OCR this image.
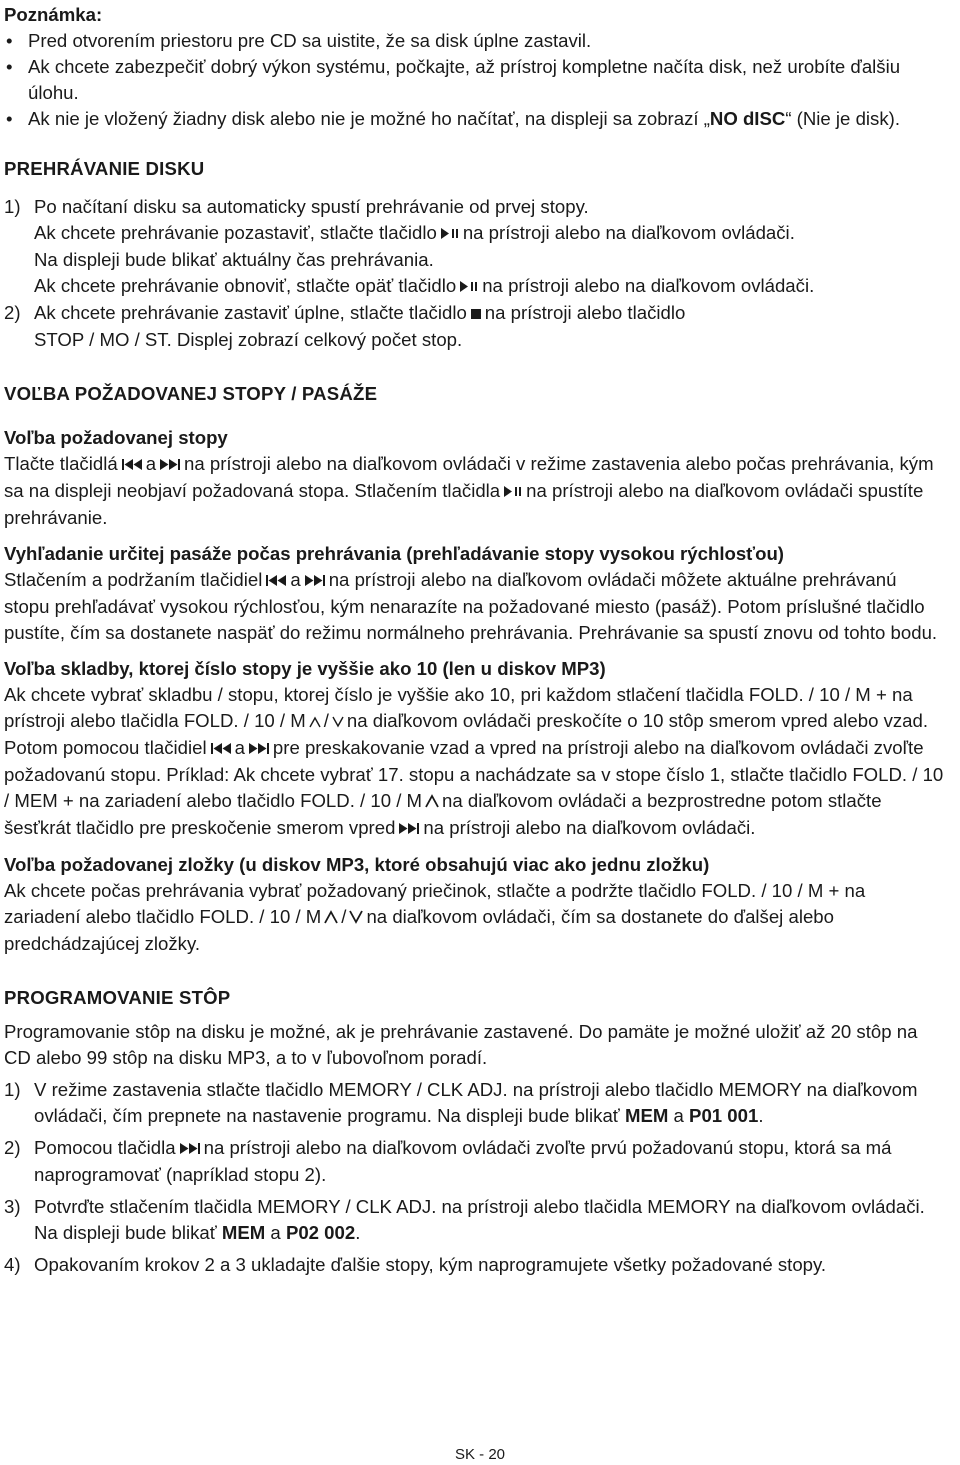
Poznámka:

• Pred otvorením priestoru pre CD sa uistite, že sa disk úplne zastavil.
• Ak chcete zabezpečiť dobrý výkon systému, počkajte, až prístroj kompletne načíta disk, než urobíte ďalšiu úlohu.
• Ak nie je vložený žiadny disk alebo nie je možné ho načítať, na displeji sa zobrazí „NO dISC“ (Nie je disk).

PREHRÁVANIE DISKU

1) Po načítaní disku sa automaticky spustí prehrávanie od prvej stopy.
Ak chcete prehrávanie pozastaviť, stlačte tlačidlo na prístroji alebo na diaľkovom ovládači.
Na displeji bude blikať aktuálny čas prehrávania.
Ak chcete prehrávanie obnoviť, stlačte opäť tlačidlo na prístroji alebo na diaľkovom ovládači.
2) Ak chcete prehrávanie zastaviť úplne, stlačte tlačidlo na prístroji alebo tlačidlo
STOP / MO / ST. Displej zobrazí celkový počet stop.

VOĽBA POŽADOVANEJ STOPY / PASÁŽE

Voľba požadovanej stopy

Tlačte tlačidlá a na prístroji alebo na diaľkovom ovládači v režime zastavenia alebo počas prehrávania, kým sa na displeji neobjaví požadovaná stopa. Stlačením tlačidla na prístroji alebo na diaľkovom ovládači spustíte prehrávanie.

Vyhľadanie určitej pasáže počas prehrávania (prehľadávanie stopy vysokou rýchlosťou)

Stlačením a podržaním tlačidiel a na prístroji alebo na diaľkovom ovládači môžete aktuálne prehrávanú stopu prehľadávať vysokou rýchlosťou, kým nenarazíte na požadované miesto (pasáž). Potom príslušné tlačidlo pustíte, čím sa dostanete naspäť do režimu normálneho prehrávania. Prehrávanie sa spustí znovu od tohto bodu.

Voľba skladby, ktorej číslo stopy je vyššie ako 10 (len u diskov MP3)

Ak chcete vybrať skladbu / stopu, ktorej číslo je vyššie ako 10, pri každom stlačení tlačidla FOLD. / 10 / M + na prístroji alebo tlačidla FOLD. / 10 / M / na diaľkovom ovládači preskočíte o 10 stôp smerom vpred alebo vzad. Potom pomocou tlačidiel a pre preskakovanie vzad a vpred na prístroji alebo na diaľkovom ovládači zvoľte požadovanú stopu. Príklad: Ak chcete vybrať 17. stopu a nachádzate sa v stope číslo 1, stlačte tlačidlo FOLD. / 10 / MEM + na zariadení alebo tlačidlo FOLD. / 10 / M na diaľkovom ovládači a bezprostredne potom stlačte šesťkrát tlačidlo pre preskočenie smerom vpred na prístroji alebo na diaľkovom ovládači.

Voľba požadovanej zložky (u diskov MP3, ktoré obsahujú viac ako jednu zložku)

Ak chcete počas prehrávania vybrať požadovaný priečinok, stlačte a podržte tlačidlo FOLD. / 10 / M + na zariadení alebo tlačidlo FOLD. / 10 / M / na diaľkovom ovládači, čím sa dostanete do ďalšej alebo predchádzajúcej zložky.

PROGRAMOVANIE STÔP

Programovanie stôp na disku je možné, ak je prehrávanie zastavené. Do pamäte je možné uložiť až 20 stôp na CD alebo 99 stôp na disku MP3, a to v ľubovoľnom poradí.

1) V režime zastavenia stlačte tlačidlo MEMORY / CLK ADJ. na prístroji alebo tlačidlo MEMORY na diaľkovom ovládači, čím prepnete na nastavenie programu. Na displeji bude blikať MEM a P01 001.
2) Pomocou tlačidla na prístroji alebo na diaľkovom ovládači zvoľte prvú požadovanú stopu, ktorá sa má naprogramovať (napríklad stopu 2).
3) Potvrďte stlačením tlačidla MEMORY / CLK ADJ. na prístroji alebo tlačidla MEMORY na diaľkovom ovládači. Na displeji bude blikať MEM a P02 002.
4) Opakovaním krokov 2 a 3 ukladajte ďalšie stopy, kým naprogramujete všetky požadované stopy.
SK - 20
